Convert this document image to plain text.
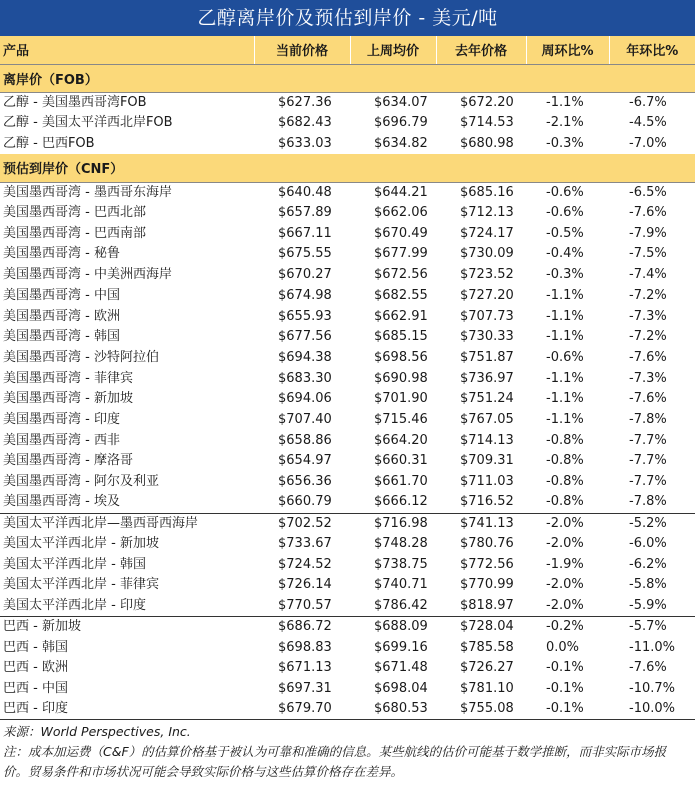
乙醇离岸价及预估到岸价 - 美元/吨
产品	当前价格	上周均价	去年价格	周环比%	年环比%
离岸价（FOB）					
乙醇 - 美国墨西哥湾FOB	$627.36	$634.07	$672.20	-1.1%	-6.7%
乙醇 - 美国太平洋西北岸FOB	$682.43	$696.79	$714.53	-2.1%	-4.5%
乙醇 - 巴西FOB	$633.03	$634.82	$680.98	-0.3%	-7.0%
预估到岸价（CNF）					
美国墨西哥湾 - 墨西哥东海岸	$640.48	$644.21	$685.16	-0.6%	-6.5%
美国墨西哥湾 - 巴西北部	$657.89	$662.06	$712.13	-0.6%	-7.6%
美国墨西哥湾 - 巴西南部	$667.11	$670.49	$724.17	-0.5%	-7.9%
美国墨西哥湾 - 秘鲁	$675.55	$677.99	$730.09	-0.4%	-7.5%
美国墨西哥湾 - 中美洲西海岸	$670.27	$672.56	$723.52	-0.3%	-7.4%
美国墨西哥湾 - 中国	$674.98	$682.55	$727.20	-1.1%	-7.2%
美国墨西哥湾 - 欧洲	$655.93	$662.91	$707.73	-1.1%	-7.3%
美国墨西哥湾 - 韩国	$677.56	$685.15	$730.33	-1.1%	-7.2%
美国墨西哥湾 - 沙特阿拉伯	$694.38	$698.56	$751.87	-0.6%	-7.6%
美国墨西哥湾 - 菲律宾	$683.30	$690.98	$736.97	-1.1%	-7.3%
美国墨西哥湾 - 新加坡	$694.06	$701.90	$751.24	-1.1%	-7.6%
美国墨西哥湾 - 印度	$707.40	$715.46	$767.05	-1.1%	-7.8%
美国墨西哥湾 - 西非	$658.86	$664.20	$714.13	-0.8%	-7.7%
美国墨西哥湾 - 摩洛哥	$654.97	$660.31	$709.31	-0.8%	-7.7%
美国墨西哥湾 - 阿尔及利亚	$656.36	$661.70	$711.03	-0.8%	-7.7%
美国墨西哥湾 - 埃及	$660.79	$666.12	$716.52	-0.8%	-7.8%
美国太平洋西北岸—墨西哥西海岸	$702.52	$716.98	$741.13	-2.0%	-5.2%
美国太平洋西北岸 - 新加坡	$733.67	$748.28	$780.76	-2.0%	-6.0%
美国太平洋西北岸 - 韩国	$724.52	$738.75	$772.56	-1.9%	-6.2%
美国太平洋西北岸 - 菲律宾	$726.14	$740.71	$770.99	-2.0%	-5.8%
美国太平洋西北岸 - 印度	$770.57	$786.42	$818.97	-2.0%	-5.9%
巴西 - 新加坡	$686.72	$688.09	$728.04	-0.2%	-5.7%
巴西 - 韩国	$698.83	$699.16	$785.58	0.0%	-11.0%
巴西 - 欧洲	$671.13	$671.48	$726.27	-0.1%	-7.6%
巴西 - 中国	$697.31	$698.04	$781.10	-0.1%	-10.7%
巴西 - 印度	$679.70	$680.53	$755.08	-0.1%	-10.0%

来源：World Perspectives, Inc.

注：成本加运费（C&F）的估算价格基于被认为可靠和准确的信息。某些航线的估价可能基于数学推断，而非实际市场报价。贸易条件和市场状况可能会导致实际价格与这些估算价格存在差异。
